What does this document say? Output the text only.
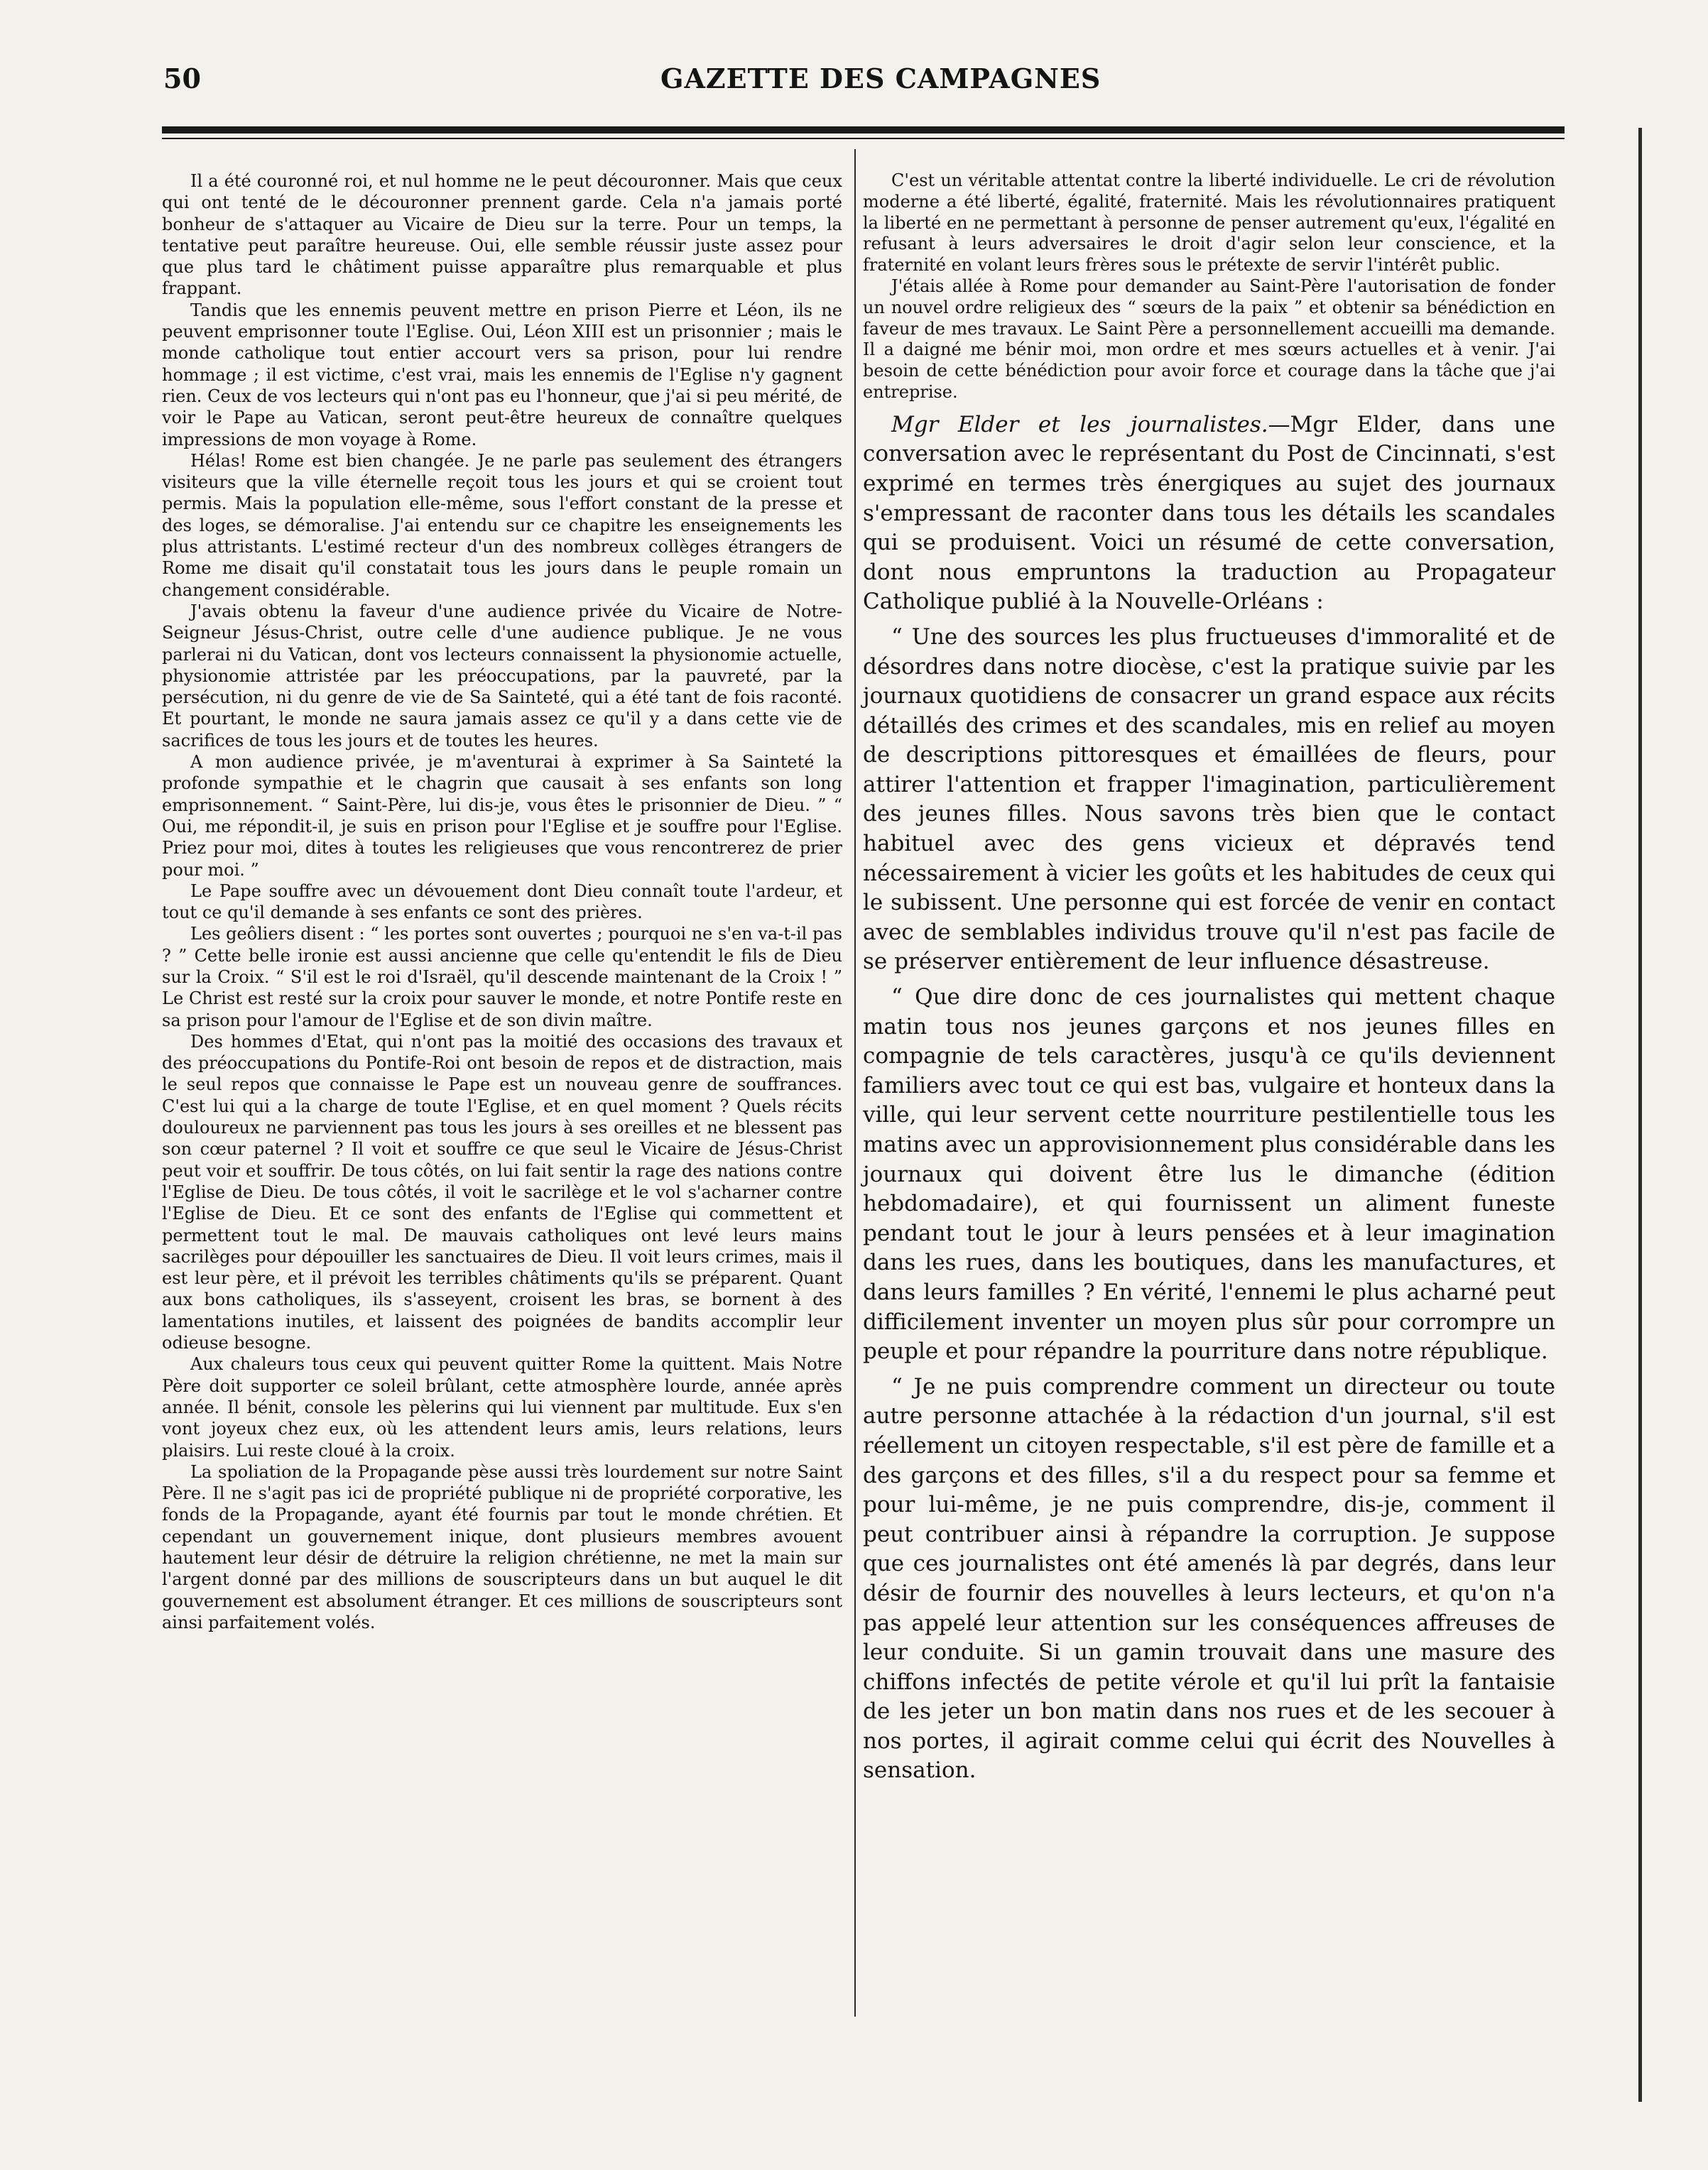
50	GAZETTE DES CAMPAGNES

Il a été couronné roi, et nul homme ne le peut découronner. Mais que ceux qui ont tenté de le découronner prennent garde. Cela n'a jamais porté bonheur de s'attaquer au Vicaire de Dieu sur la terre. Pour un temps, la tentative peut paraître heureuse. Oui, elle semble réussir juste assez pour que plus tard le châtiment puisse apparaître plus remarquable et plus frappant.

Tandis que les ennemis peuvent mettre en prison Pierre et Léon, ils ne peuvent emprisonner toute l'Eglise. Oui, Léon XIII est un prisonnier ; mais le monde catholique tout entier accourt vers sa prison, pour lui rendre hommage ; il est victime, c'est vrai, mais les ennemis de l'Eglise n'y gagnent rien. Ceux de vos lecteurs qui n'ont pas eu l'honneur, que j'ai si peu mérité, de voir le Pape au Vatican, seront peut-être heureux de connaître quelques impressions de mon voyage à Rome.

Hélas! Rome est bien changée. Je ne parle pas seulement des étrangers visiteurs que la ville éternelle reçoit tous les jours et qui se croient tout permis. Mais la population elle-même, sous l'effort constant de la presse et des loges, se démoralise. J'ai entendu sur ce chapitre les enseignements les plus attristants. L'estimé recteur d'un des nombreux collèges étrangers de Rome me disait qu'il constatait tous les jours dans le peuple romain un changement considérable.

J'avais obtenu la faveur d'une audience privée du Vicaire de Notre-Seigneur Jésus-Christ, outre celle d'une audience publique. Je ne vous parlerai ni du Vatican, dont vos lecteurs connaissent la physionomie actuelle, physionomie attristée par les préoccupations, par la pauvreté, par la persécution, ni du genre de vie de Sa Sainteté, qui a été tant de fois raconté. Et pourtant, le monde ne saura jamais assez ce qu'il y a dans cette vie de sacrifices de tous les jours et de toutes les heures.

A mon audience privée, je m'aventurai à exprimer à Sa Sainteté la profonde sympathie et le chagrin que causait à ses enfants son long emprisonnement. “ Saint-Père, lui dis-je, vous êtes le prisonnier de Dieu. ” “ Oui, me répondit-il, je suis en prison pour l'Eglise et je souffre pour l'Eglise. Priez pour moi, dites à toutes les religieuses que vous rencontrerez de prier pour moi. ”

Le Pape souffre avec un dévouement dont Dieu connaît toute l'ardeur, et tout ce qu'il demande à ses enfants ce sont des prières.

Les geôliers disent : “ les portes sont ouvertes ; pourquoi ne s'en va-t-il pas ? ” Cette belle ironie est aussi ancienne que celle qu'entendit le fils de Dieu sur la Croix. “ S'il est le roi d'Israël, qu'il descende maintenant de la Croix ! ” Le Christ est resté sur la croix pour sauver le monde, et notre Pontife reste en sa prison pour l'amour de l'Eglise et de son divin maître.

Des hommes d'Etat, qui n'ont pas la moitié des occasions des travaux et des préoccupations du Pontife-Roi ont besoin de repos et de distraction, mais le seul repos que connaisse le Pape est un nouveau genre de souffrances. C'est lui qui a la charge de toute l'Eglise, et en quel moment ? Quels récits douloureux ne parviennent pas tous les jours à ses oreilles et ne blessent pas son cœur paternel ? Il voit et souffre ce que seul le Vicaire de Jésus-Christ peut voir et souffrir. De tous côtés, on lui fait sentir la rage des nations contre l'Eglise de Dieu. De tous côtés, il voit le sacrilège et le vol s'acharner contre l'Eglise de Dieu. Et ce sont des enfants de l'Eglise qui commettent et permettent tout le mal. De mauvais catholiques ont levé leurs mains sacrilèges pour dépouiller les sanctuaires de Dieu. Il voit leurs crimes, mais il est leur père, et il prévoit les terribles châtiments qu'ils se préparent. Quant aux bons catholiques, ils s'asseyent, croisent les bras, se bornent à des lamentations inutiles, et laissent des poignées de bandits accomplir leur odieuse besogne.

Aux chaleurs tous ceux qui peuvent quitter Rome la quittent. Mais Notre Père doit supporter ce soleil brûlant, cette atmosphère lourde, année après année. Il bénit, console les pèlerins qui lui viennent par multitude. Eux s'en vont joyeux chez eux, où les attendent leurs amis, leurs relations, leurs plaisirs. Lui reste cloué à la croix.

La spoliation de la Propagande pèse aussi très lourdement sur notre Saint Père. Il ne s'agit pas ici de propriété publique ni de propriété corporative, les fonds de la Propagande, ayant été fournis par tout le monde chrétien. Et cependant un gouvernement inique, dont plusieurs membres avouent hautement leur désir de détruire la religion chrétienne, ne met la main sur l'argent donné par des millions de souscripteurs dans un but auquel le dit gouvernement est absolument étranger. Et ces millions de souscripteurs sont ainsi parfaitement volés.

C'est un véritable attentat contre la liberté individuelle. Le cri de révolution moderne a été liberté, égalité, fraternité. Mais les révolutionnaires pratiquent la liberté en ne permettant à personne de penser autrement qu'eux, l'égalité en refusant à leurs adversaires le droit d'agir selon leur conscience, et la fraternité en volant leurs frères sous le prétexte de servir l'intérêt public.

J'étais allée à Rome pour demander au Saint-Père l'autorisation de fonder un nouvel ordre religieux des “ sœurs de la paix ” et obtenir sa bénédiction en faveur de mes travaux. Le Saint Père a personnellement accueilli ma demande. Il a daigné me bénir moi, mon ordre et mes sœurs actuelles et à venir. J'ai besoin de cette bénédiction pour avoir force et courage dans la tâche que j'ai entreprise.

Mgr Elder et les journalistes.—Mgr Elder, dans une conversation avec le représentant du Post de Cincinnati, s'est exprimé en termes très énergiques au sujet des journaux s'empressant de raconter dans tous les détails les scandales qui se produisent. Voici un résumé de cette conversation, dont nous empruntons la traduction au Propagateur Catholique publié à la Nouvelle-Orléans :

“ Une des sources les plus fructueuses d'immoralité et de désordres dans notre diocèse, c'est la pratique suivie par les journaux quotidiens de consacrer un grand espace aux récits détaillés des crimes et des scandales, mis en relief au moyen de descriptions pittoresques et émaillées de fleurs, pour attirer l'attention et frapper l'imagination, particulièrement des jeunes filles. Nous savons très bien que le contact habituel avec des gens vicieux et dépravés tend nécessairement à vicier les goûts et les habitudes de ceux qui le subissent. Une personne qui est forcée de venir en contact avec de semblables individus trouve qu'il n'est pas facile de se préserver entièrement de leur influence désastreuse.

“ Que dire donc de ces journalistes qui mettent chaque matin tous nos jeunes garçons et nos jeunes filles en compagnie de tels caractères, jusqu'à ce qu'ils deviennent familiers avec tout ce qui est bas, vulgaire et honteux dans la ville, qui leur servent cette nourriture pestilentielle tous les matins avec un approvisionnement plus considérable dans les journaux qui doivent être lus le dimanche (édition hebdomadaire), et qui fournissent un aliment funeste pendant tout le jour à leurs pensées et à leur imagination dans les rues, dans les boutiques, dans les manufactures, et dans leurs familles ? En vérité, l'ennemi le plus acharné peut difficilement inventer un moyen plus sûr pour corrompre un peuple et pour répandre la pourriture dans notre république.

“ Je ne puis comprendre comment un directeur ou toute autre personne attachée à la rédaction d'un journal, s'il est réellement un citoyen respectable, s'il est père de famille et a des garçons et des filles, s'il a du respect pour sa femme et pour lui-même, je ne puis comprendre, dis-je, comment il peut contribuer ainsi à répandre la corruption. Je suppose que ces journalistes ont été amenés là par degrés, dans leur désir de fournir des nouvelles à leurs lecteurs, et qu'on n'a pas appelé leur attention sur les conséquences affreuses de leur conduite. Si un gamin trouvait dans une masure des chiffons infectés de petite vérole et qu'il lui prît la fantaisie de les jeter un bon matin dans nos rues et de les secouer à nos portes, il agirait comme celui qui écrit des Nouvelles à sensation.
